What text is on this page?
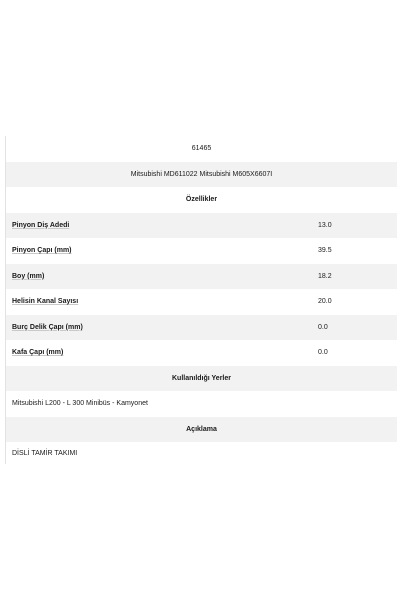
61465
Mitsubishi MD611022 Mitsubishi M605X6607I
Özellikler
Pinyon Diş Adedi	13.0
Pinyon Çapı (mm)	39.5
Boy (mm)	18.2
Helisin Kanal Sayısı	20.0
Burç Delik Çapı (mm)	0.0
Kafa Çapı (mm)	0.0
Kullanıldığı Yerler
Mitsubishi L200 - L 300 Minibüs - Kamyonet
Açıklama
DİSLİ TAMİR TAKIMI
